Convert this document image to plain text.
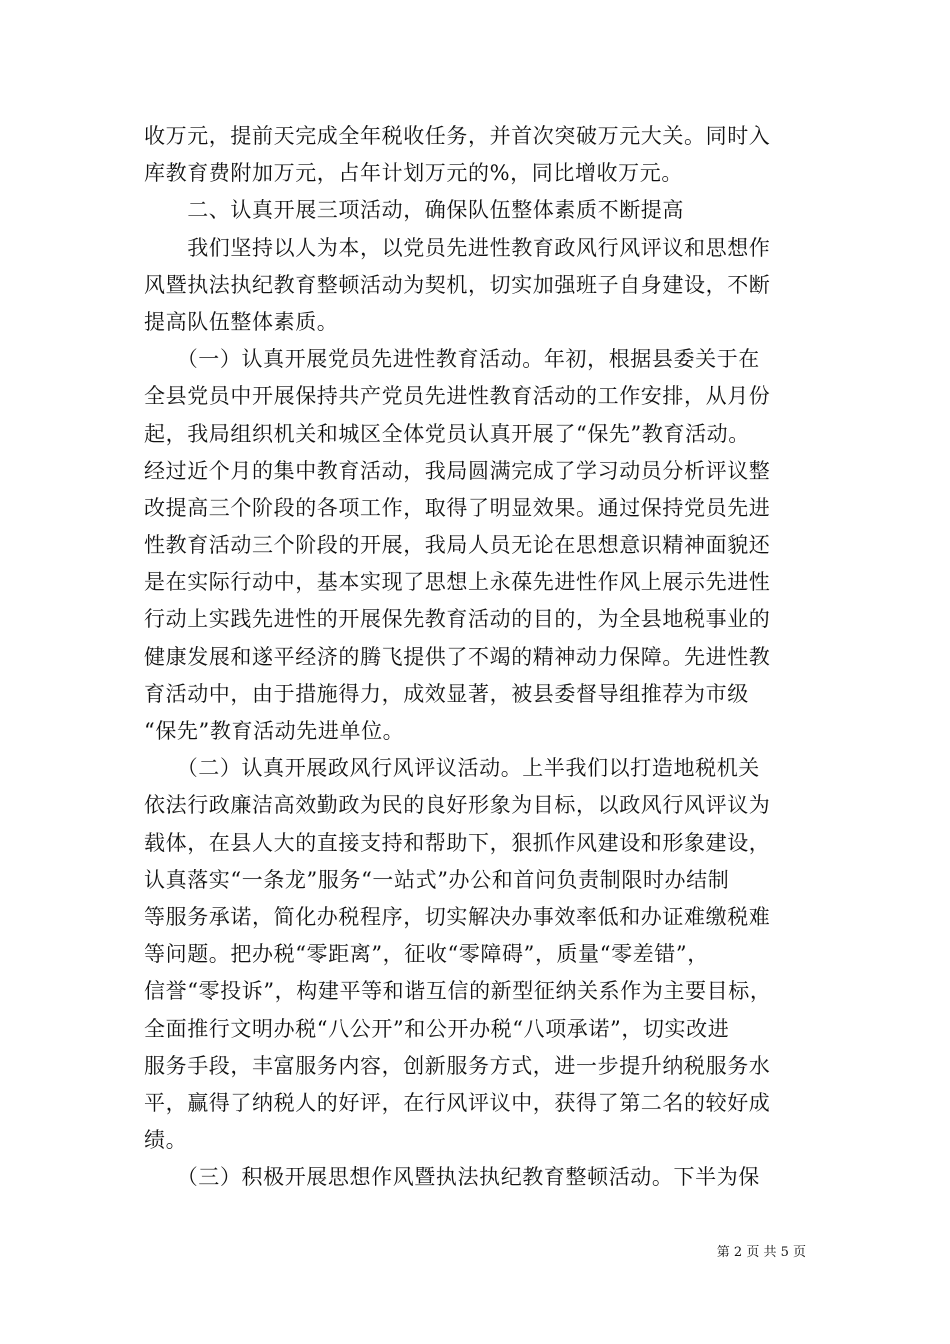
收万元，提前天完成全年税收任务，并首次突破万元大关。同时入
库教育费附加万元，占年计划万元的%，同比增收万元。
　　二、认真开展三项活动，确保队伍整体素质不断提高
　　我们坚持以人为本，以党员先进性教育政风行风评议和思想作
风暨执法执纪教育整顿活动为契机，切实加强班子自身建设，不断
提高队伍整体素质。
　　（一）认真开展党员先进性教育活动。年初，根据县委关于在
全县党员中开展保持共产党员先进性教育活动的工作安排，从月份
起，我局组织机关和城区全体党员认真开展了“保先”教育活动。
经过近个月的集中教育活动，我局圆满完成了学习动员分析评议整
改提高三个阶段的各项工作，取得了明显效果。通过保持党员先进
性教育活动三个阶段的开展，我局人员无论在思想意识精神面貌还
是在实际行动中，基本实现了思想上永葆先进性作风上展示先进性
行动上实践先进性的开展保先教育活动的目的，为全县地税事业的
健康发展和遂平经济的腾飞提供了不竭的精神动力保障。先进性教
育活动中，由于措施得力，成效显著，被县委督导组推荐为市级
“保先”教育活动先进单位。
　　（二）认真开展政风行风评议活动。上半我们以打造地税机关
依法行政廉洁高效勤政为民的良好形象为目标，以政风行风评议为
载体，在县人大的直接支持和帮助下，狠抓作风建设和形象建设，
认真落实“一条龙”服务“一站式”办公和首问负责制限时办结制
等服务承诺，简化办税程序，切实解决办事效率低和办证难缴税难
等问题。把办税“零距离”，征收“零障碍”，质量“零差错”，
信誉“零投诉”，构建平等和谐互信的新型征纳关系作为主要目标，
全面推行文明办税“八公开”和公开办税“八项承诺”，切实改进
服务手段，丰富服务内容，创新服务方式，进一步提升纳税服务水
平，赢得了纳税人的好评，在行风评议中，获得了第二名的较好成
绩。
　　（三）积极开展思想作风暨执法执纪教育整顿活动。下半为保
第 2 页 共 5 页
